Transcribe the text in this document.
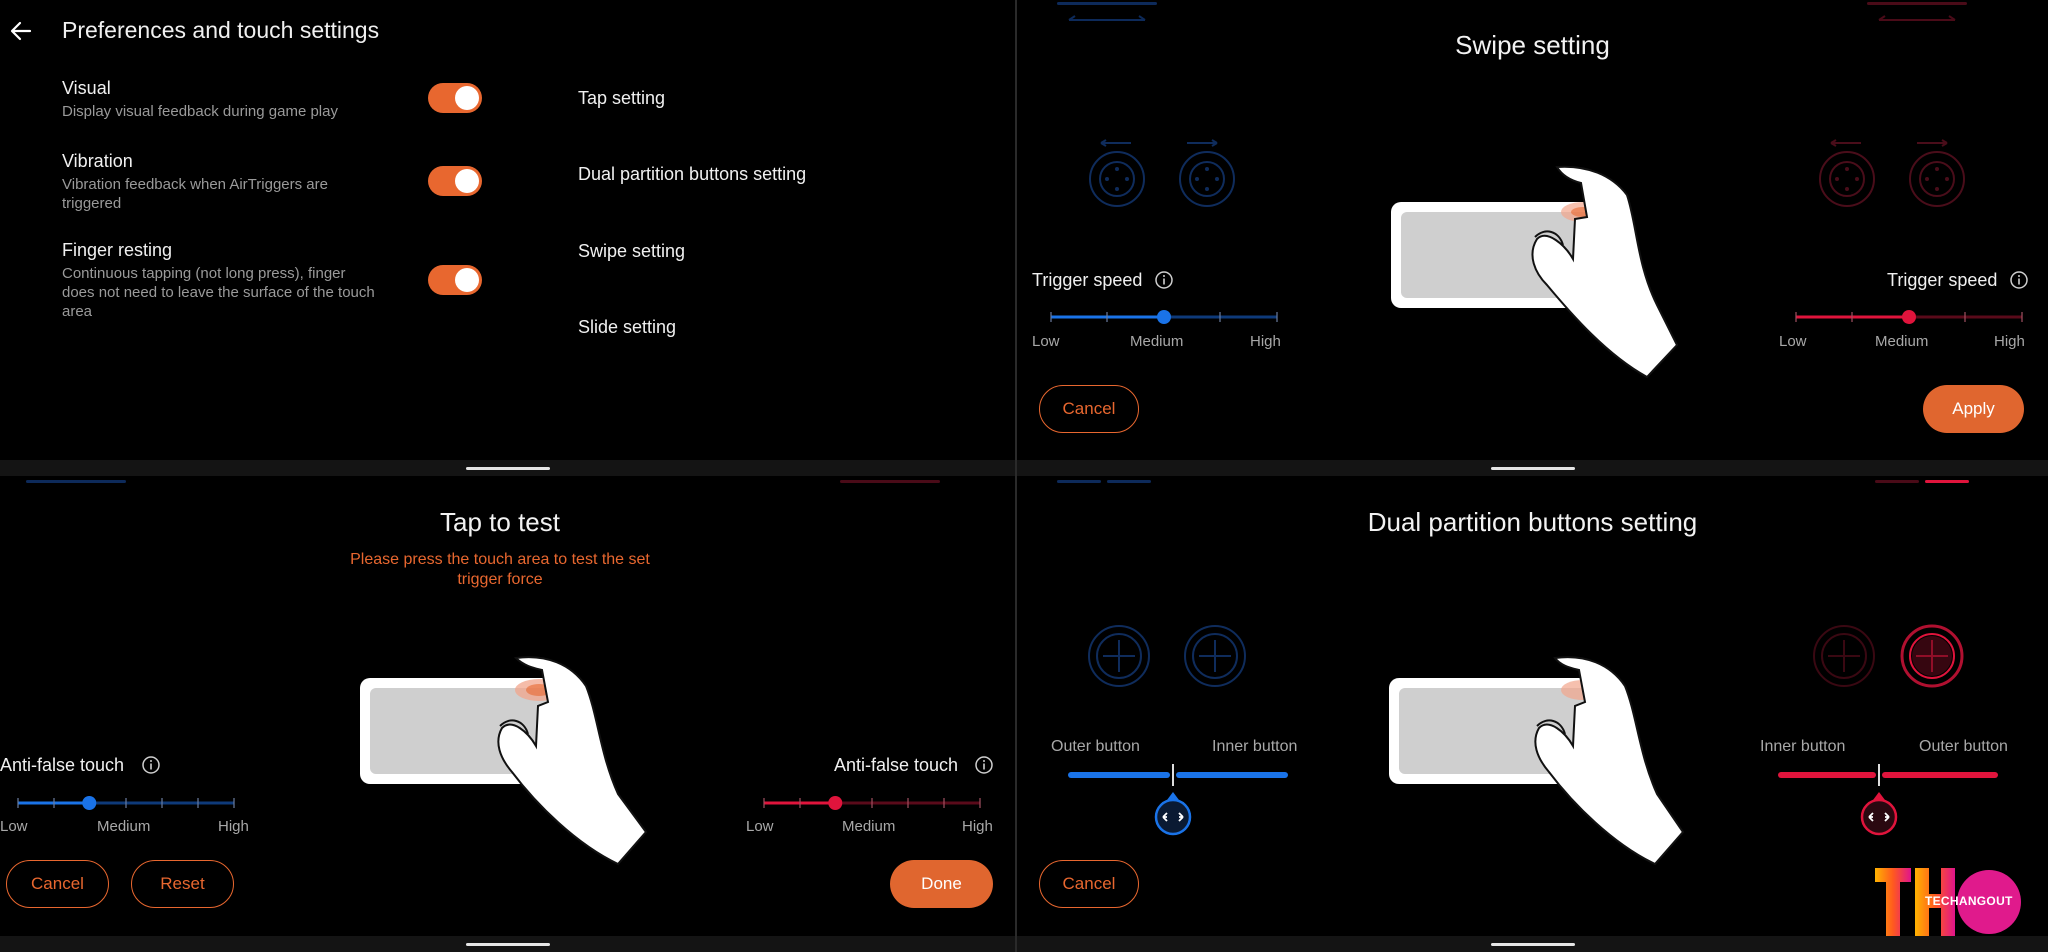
Preferences and touch settings
Visual
Display visual feedback during game play
Vibration
Vibration feedback when AirTriggers are
triggered
Finger resting
Continuous tapping (not long press), finger
does not need to leave the surface of the touch
area
Tap setting
Dual partition buttons setting
Swipe setting
Slide setting
Swipe setting
Trigger speed
Low	Medium	High
Trigger speed
Low	Medium	High
Cancel	Apply
Tap to test
Please press the touch area to test the set
trigger force
Anti-false touch
Low	Medium	High
Anti-false touch
Low	Medium	High
Cancel	Reset	Done
Dual partition buttons setting
Outer button	Inner button	Inner button	Outer button
Cancel
TECHANGOUT
